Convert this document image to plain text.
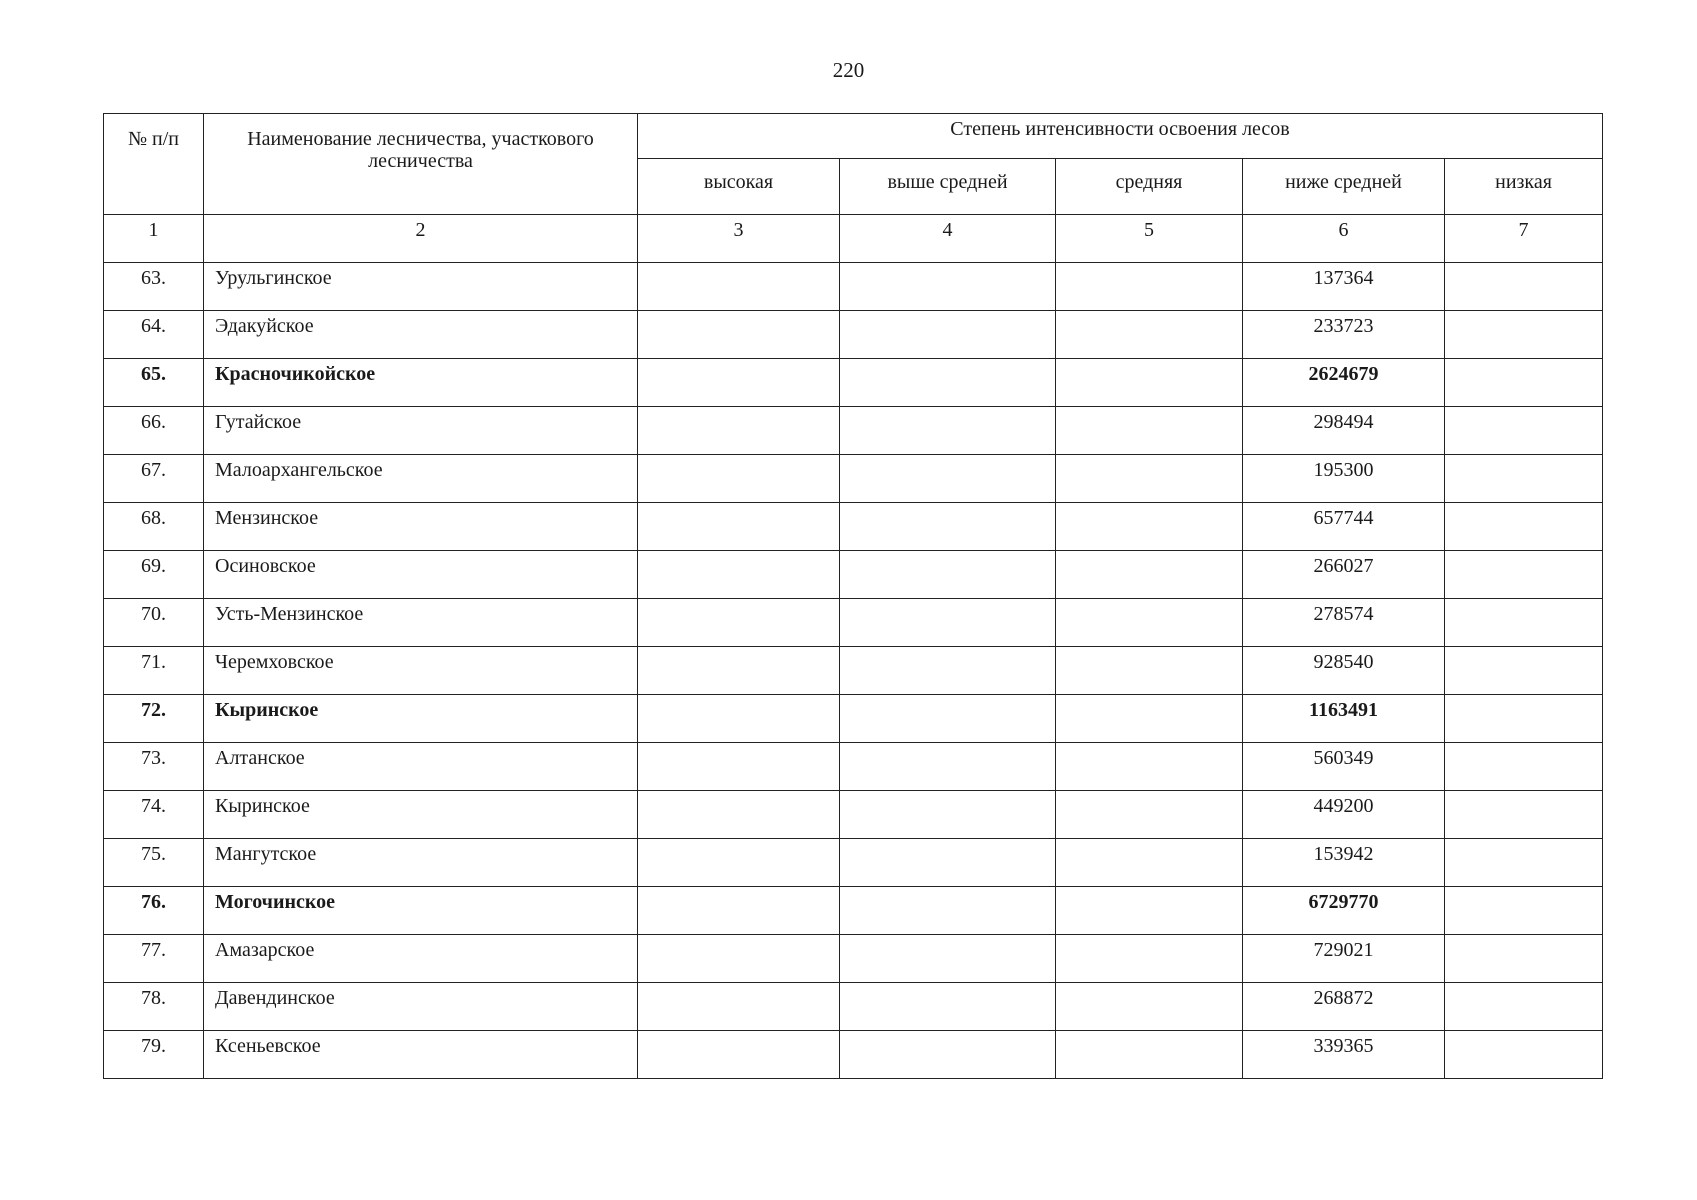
220
№ п/п	Наименование лесничества, участкового лесничества	Степень интенсивности освоения лесов				
		высокая	выше средней	средняя	ниже средней	низкая
1	2	3	4	5	6	7
63.	Урульгинское				137364	
64.	Эдакуйское				233723	
65.	Красночикойское				2624679	
66.	Гутайское				298494	
67.	Малоархангельское				195300	
68.	Мензинское				657744	
69.	Осиновское				266027	
70.	Усть-Мензинское				278574	
71.	Черемховское				928540	
72.	Кыринское				1163491	
73.	Алтанское				560349	
74.	Кыринское				449200	
75.	Мангутское				153942	
76.	Могочинское				6729770	
77.	Амазарское				729021	
78.	Давендинское				268872	
79.	Ксеньевское				339365	
